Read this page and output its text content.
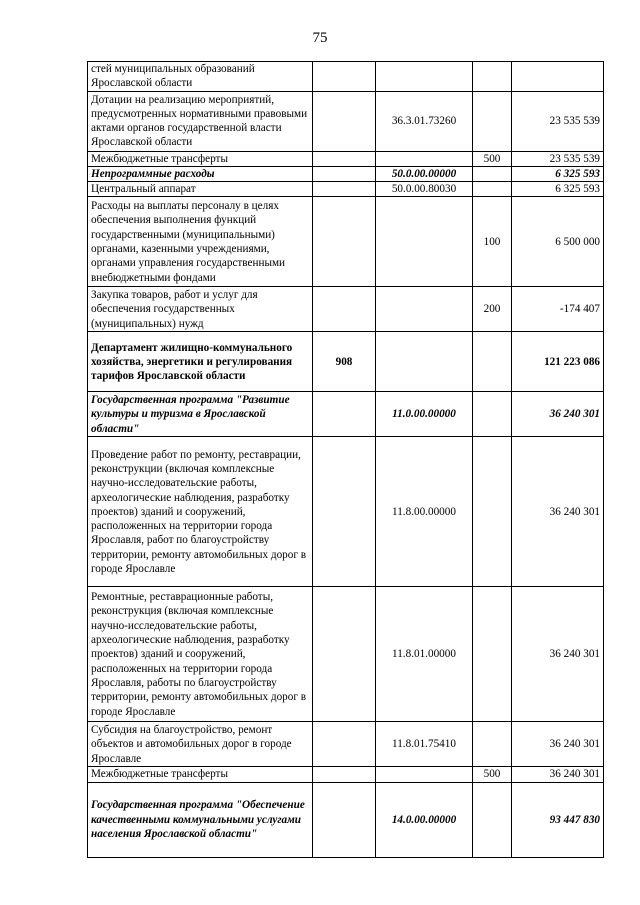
75
стей муниципальных образований Ярославской области				
Дотации на реализацию мероприятий, предусмотренных нормативными правовыми актами органов государственной власти Ярославской области		36.3.01.73260		23 535 539
Межбюджетные трансферты			500	23 535 539
Непрограммные расходы		50.0.00.00000		6 325 593
Центральный аппарат		50.0.00.80030		6 325 593
Расходы на выплаты персоналу в целях обеспечения выполнения функций государственными (муниципальными) органами, казенными учреждениями, органами управления государственными внебюджетными фондами			100	6 500 000
Закупка товаров, работ и услуг для обеспечения государственных (муниципальных) нужд			200	-174 407
Департамент жилищно-коммунального хозяйства, энергетики и регулирования тарифов Ярославской области	908			121 223 086
Государственная программа "Развитие культуры и туризма в Ярославской области"		11.0.00.00000		36 240 301
Проведение работ по ремонту, реставрации, реконструкции (включая комплексные научно-исследовательские работы, археологические наблюдения, разработку проектов) зданий и сооружений, расположенных на территории города Ярославля, работ по благоустройству территории, ремонту автомобильных дорог в городе Ярославле		11.8.00.00000		36 240 301
Ремонтные, реставрационные работы, реконструкция (включая комплексные научно-исследовательские работы, археологические наблюдения, разработку проектов) зданий и сооружений, расположенных на территории города Ярославля, работы по благоустройству территории, ремонту автомобильных дорог в городе Ярославле		11.8.01.00000		36 240 301
Субсидия на благоустройство, ремонт объектов и автомобильных дорог в городе Ярославле		11.8.01.75410		36 240 301
Межбюджетные трансферты			500	36 240 301
Государственная программа "Обеспечение качественными коммунальными услугами населения Ярославской области"		14.0.00.00000		93 447 830
